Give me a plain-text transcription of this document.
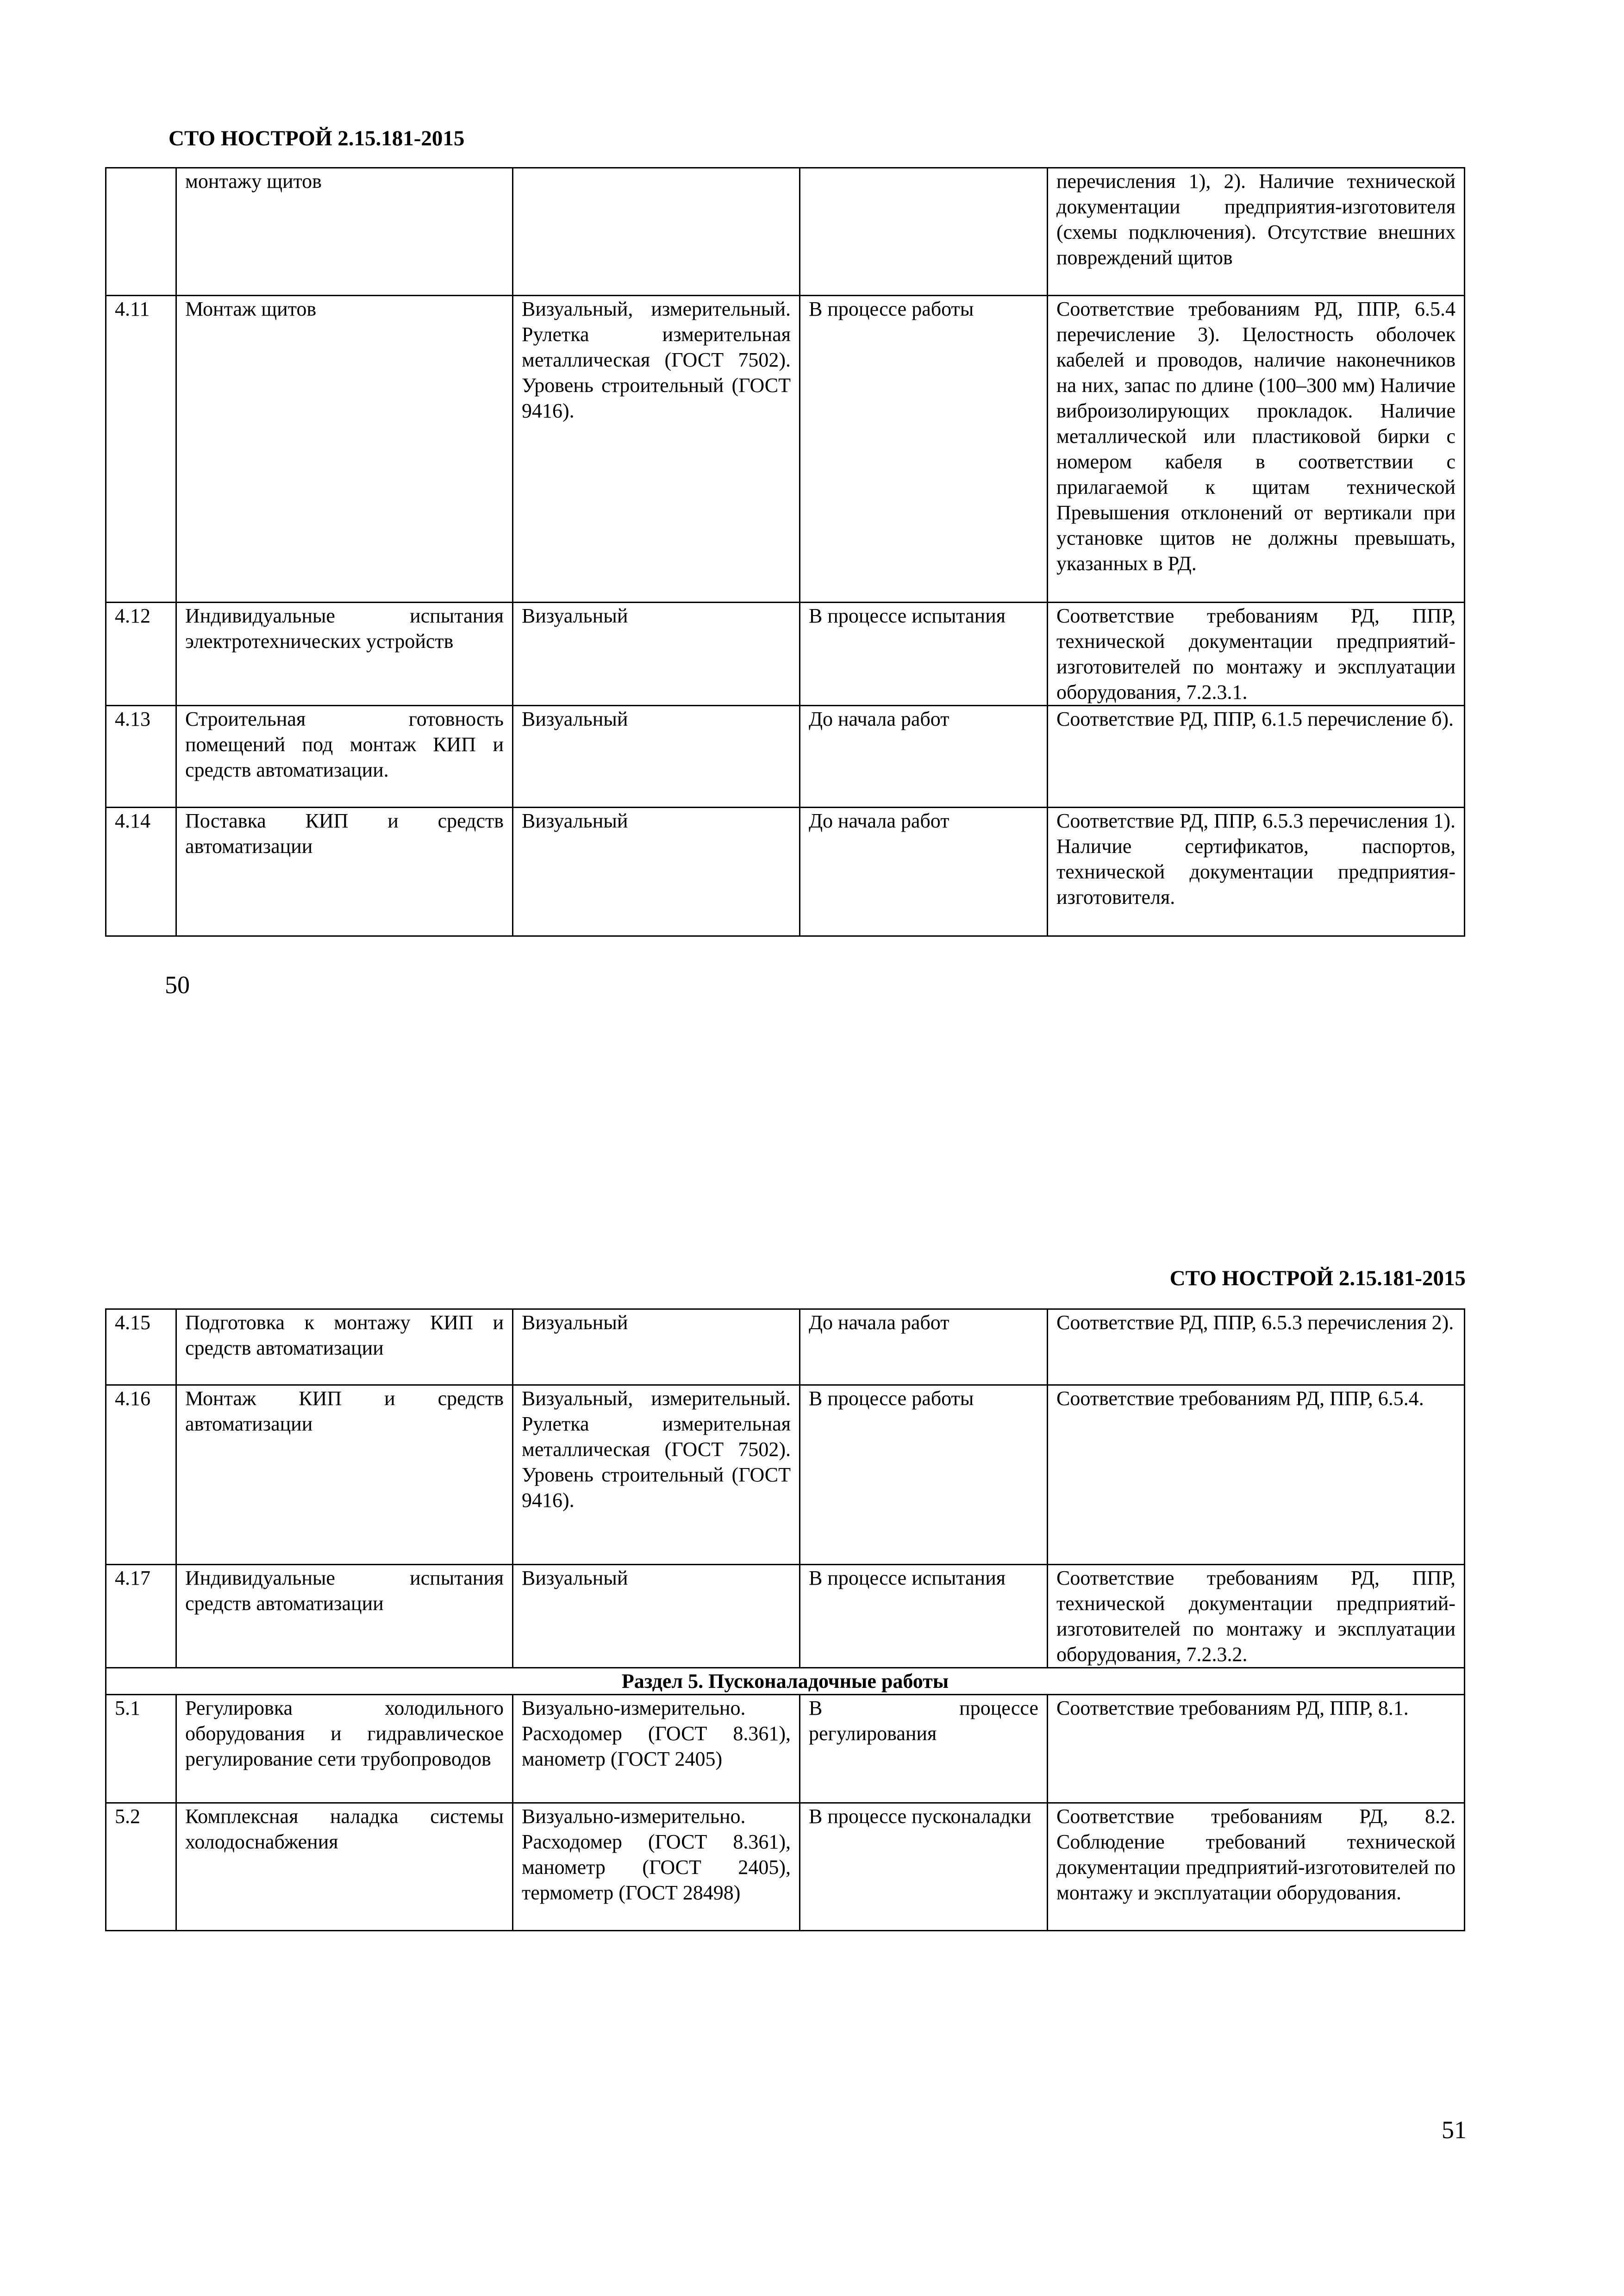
СТО НОСТРОЙ 2.15.181-2015
	монтажу щитов			перечисления 1), 2). Наличие технической документации предприятия-изготовителя (схемы подключения). Отсутствие внешних повреждений щитов
4.11	Монтаж щитов	Визуальный, измерительный. Рулетка измерительная металлическая (ГОСТ 7502). Уровень строительный (ГОСТ 9416).	В процессе работы	Соответствие требованиям РД, ППР, 6.5.4 перечисление 3). Целостность оболочек кабелей и проводов, наличие наконечников на них, запас по длине (100–300 мм) Наличие виброизолирующих прокладок. Наличие металлической или пластиковой бирки с номером кабеля в соответствии с прилагаемой к щитам технической Превышения отклонений от вертикали при установке щитов не должны превышать, указанных в РД.
4.12	Индивидуальные испытания электротехнических устройств	Визуальный	В процессе испытания	Соответствие требованиям РД, ППР, технической документации предприятий-изготовителей по монтажу и эксплуатации оборудования, 7.2.3.1.
4.13	Строительная готовность помещений под монтаж КИП и средств автоматизации.	Визуальный	До начала работ	Соответствие РД, ППР, 6.1.5 перечисление б).
4.14	Поставка КИП и средств автоматизации	Визуальный	До начала работ	Соответствие РД, ППР, 6.5.3 перечисления 1). Наличие сертификатов, паспортов, технической документации предприятия-изготовителя.
50
СТО НОСТРОЙ 2.15.181-2015
4.15	Подготовка к монтажу КИП и средств автоматизации	Визуальный	До начала работ	Соответствие РД, ППР, 6.5.3 перечисления 2).
4.16	Монтаж КИП и средств автоматизации	Визуальный, измерительный. Рулетка измерительная металлическая (ГОСТ 7502). Уровень строительный (ГОСТ 9416).	В процессе работы	Соответствие требованиям РД, ППР, 6.5.4.
4.17	Индивидуальные испытания средств автоматизации	Визуальный	В процессе испытания	Соответствие требованиям РД, ППР, технической документации предприятий-изготовителей по монтажу и эксплуатации оборудования, 7.2.3.2.
Раздел 5. Пусконаладочные работы				
5.1	Регулировка холодильного оборудования и гидравлическое регулирование сети трубопроводов	Визуально-измерительно. Расходомер (ГОСТ 8.361), манометр (ГОСТ 2405)	В процессе регулирования	Соответствие требованиям РД, ППР, 8.1.
5.2	Комплексная наладка системы холодоснабжения	Визуально-измерительно. Расходомер (ГОСТ 8.361), манометр (ГОСТ 2405), термометр (ГОСТ 28498)	В процессе пусконаладки	Соответствие требованиям РД, 8.2. Соблюдение требований технической документации предприятий-изготовителей по монтажу и эксплуатации оборудования.
51
